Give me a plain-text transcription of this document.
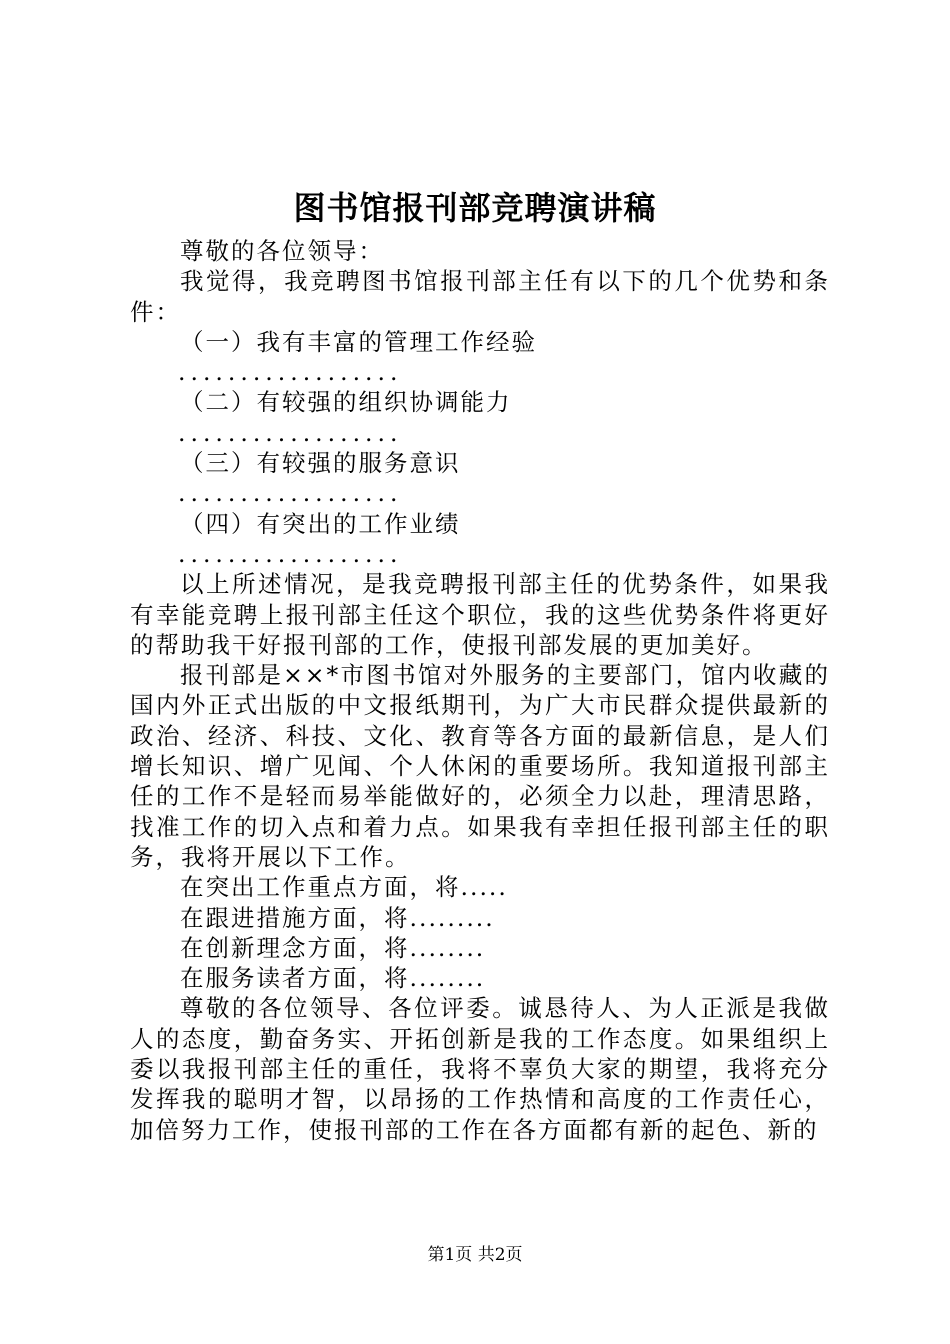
图书馆报刊部竞聘演讲稿

尊敬的各位领导：

我觉得，我竞聘图书馆报刊部主任有以下的几个优势和条件：

（一）我有丰富的管理工作经验

..................

（二）有较强的组织协调能力

..................

（三）有较强的服务意识

..................

（四）有突出的工作业绩

..................

以上所述情况，是我竞聘报刊部主任的优势条件，如果我有幸能竞聘上报刊部主任这个职位，我的这些优势条件将更好的帮助我干好报刊部的工作，使报刊部发展的更加美好。

报刊部是××*市图书馆对外服务的主要部门，馆内收藏的国内外正式出版的中文报纸期刊，为广大市民群众提供最新的政治、经济、科技、文化、教育等各方面的最新信息，是人们增长知识、增广见闻、个人休闲的重要场所。我知道报刊部主任的工作不是轻而易举能做好的，必须全力以赴，理清思路，找准工作的切入点和着力点。如果我有幸担任报刊部主任的职务，我将开展以下工作。

在突出工作重点方面，将.....

在跟进措施方面，将.........

在创新理念方面，将........

在服务读者方面，将........

尊敬的各位领导、各位评委。诚恳待人、为人正派是我做人的态度，勤奋务实、开拓创新是我的工作态度。如果组织上委以我报刊部主任的重任，我将不辜负大家的期望，我将充分发挥我的聪明才智，以昂扬的工作热情和高度的工作责任心，加倍努力工作，使报刊部的工作在各方面都有新的起色、新的

第1页 共2页
